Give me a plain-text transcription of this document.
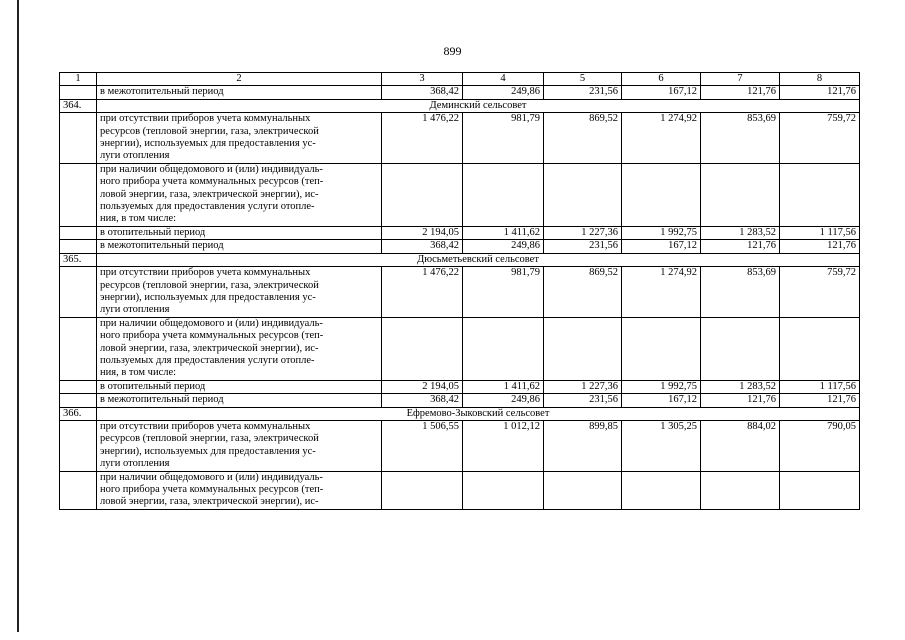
899
1	2	3	4	5	6	7	8
	в межотопительный период	368,42	249,86	231,56	167,12	121,76	121,76
364.	Деминский сельсовет						
	при отсутствии приборов учета коммунальных
ресурсов (тепловой энергии, газа, электрической
энергии), используемых для предоставления ус-
луги отопления	1 476,22	981,79	869,52	1 274,92	853,69	759,72
	при наличии общедомового и (или) индивидуаль-
ного прибора учета коммунальных ресурсов (теп-
ловой энергии, газа, электрической энергии), ис-
пользуемых для предоставления услуги отопле-
ния, в том числе:						
	в отопительный период	2 194,05	1 411,62	1 227,36	1 992,75	1 283,52	1 117,56
	в межотопительный период	368,42	249,86	231,56	167,12	121,76	121,76
365.	Дюсьметьевский сельсовет						
	при отсутствии приборов учета коммунальных
ресурсов (тепловой энергии, газа, электрической
энергии), используемых для предоставления ус-
луги отопления	1 476,22	981,79	869,52	1 274,92	853,69	759,72
	при наличии общедомового и (или) индивидуаль-
ного прибора учета коммунальных ресурсов (теп-
ловой энергии, газа, электрической энергии), ис-
пользуемых для предоставления услуги отопле-
ния, в том числе:						
	в отопительный период	2 194,05	1 411,62	1 227,36	1 992,75	1 283,52	1 117,56
	в межотопительный период	368,42	249,86	231,56	167,12	121,76	121,76
366.	Ефремово-Зыковский сельсовет						
	при отсутствии приборов учета коммунальных
ресурсов (тепловой энергии, газа, электрической
энергии), используемых для предоставления ус-
луги отопления	1 506,55	1 012,12	899,85	1 305,25	884,02	790,05
	при наличии общедомового и (или) индивидуаль-
ного прибора учета коммунальных ресурсов (теп-
ловой энергии, газа, электрической энергии), ис-						
